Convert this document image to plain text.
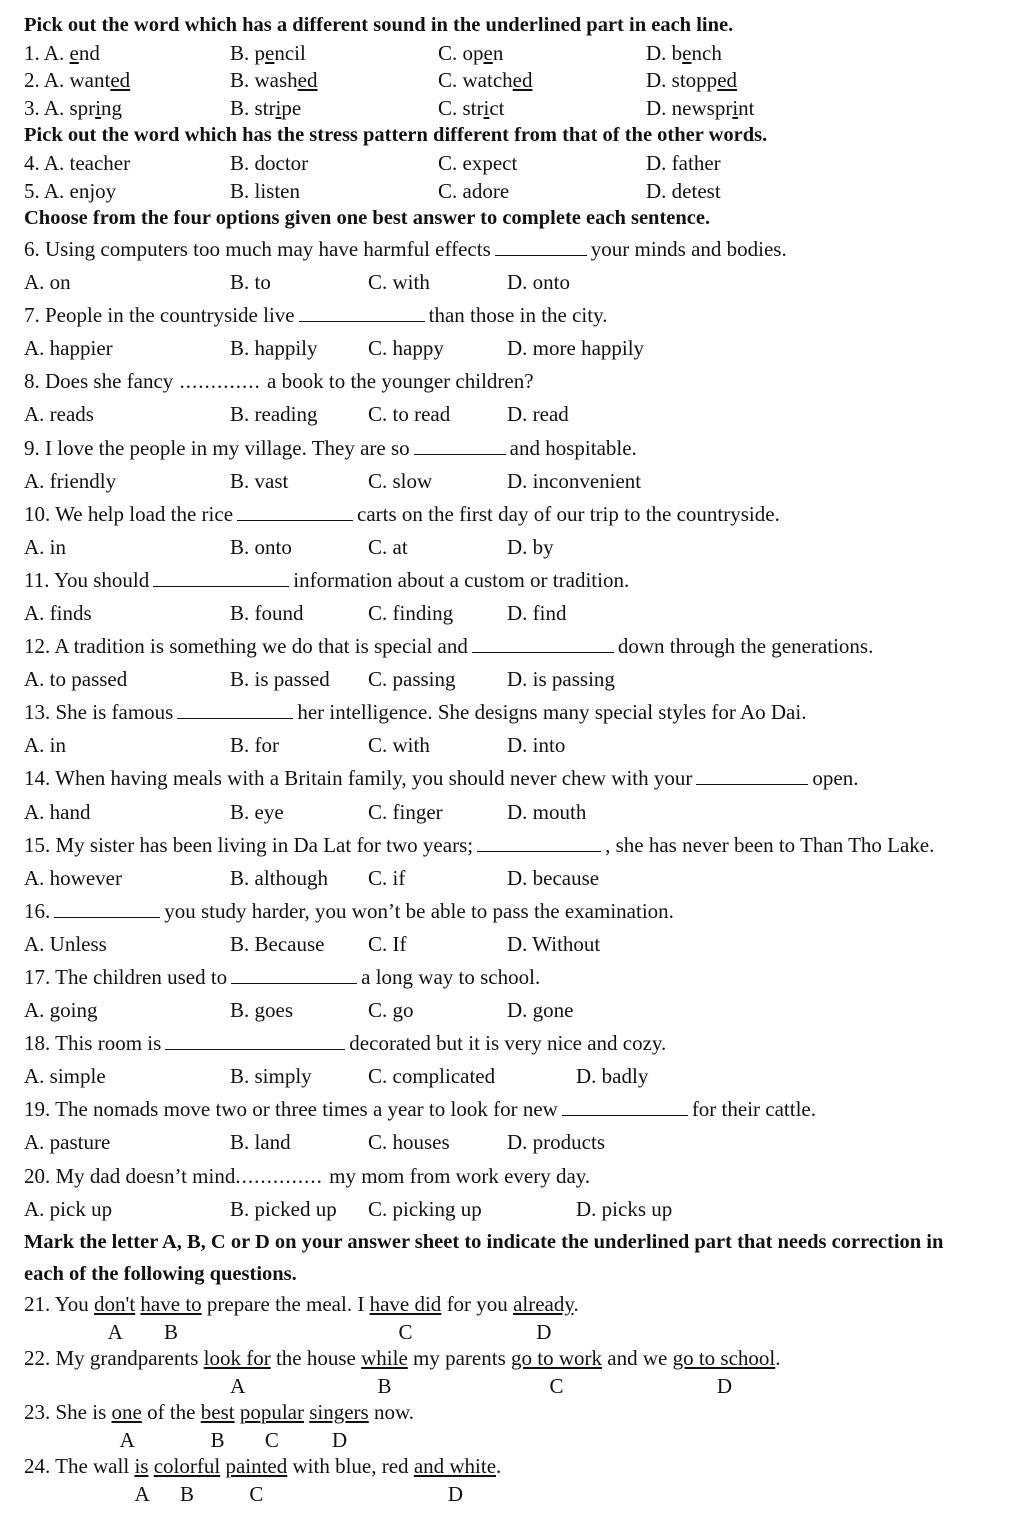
Pick out the word which has a different sound in the underlined part in each line.
1. A. end	B. pencil	C. open	D. bench
2. A. wanted	B. washed	C. watched	D. stopped
3. A. spring	B. stripe	C. strict	D. newsprint
Pick out the word which has the stress pattern different from that of the other words.
4. A. teacher	B. doctor	C. expect	D. father
5. A. enjoy	B. listen	C. adore	D. detest
Choose from the four options given one best answer to complete each sentence.
6. Using computers too much may have harmful effects	your minds and bodies.
A. on	B. to	C. with	D. onto
7. People in the countryside live	than those in the city.
A. happier	B. happily C. happy	D. more happily
8. Does she fancy ............. a book to the younger children?
A. reads	B. reading C. to read	D. read
9. I love the people in my village. They are so	and hospitable.
A. friendly	B. vast	C. slow	D. inconvenient
10. We help load the rice	carts on the first day of our trip to the countryside.
A. in	B. onto	C. at	D. by
11. You should	information about a custom or tradition.
A. finds	B. found	C. finding	D. find
12. A tradition is something we do that is special and	down through the generations.
A. to passed	B. is passed C. passing D. is passing
13. She is famous	her intelligence. She designs many special styles for Ao Dai.
A. in	B. for	C. with	D. into
14. When having meals with a Britain family, you should never chew with your	open.
A. hand	B. eye	C. finger	D. mouth
15. My sister has been living in Da Lat for two years;	, she has never been to Than Tho Lake.
A. however	B. although C. if	D. because
16.	you study harder, you won’t be able to pass the examination.
A. Unless	B. Because C. If	D. Without
17. The children used to	a long way to school.
A. going	B. goes	C. go	D. gone
18. This room is	decorated but it is very nice and cozy.
A. simple	B. simply	C. complicated	D. badly
19. The nomads move two or three times a year to look for new	for their cattle.
A. pasture	B. land	C. houses	D. products
20. My dad doesn’t mind.............. my mom from work every day.
A. pick up	B. picked up C. picking up	D. picks up
Mark the letter A, B, C or D on your answer sheet to indicate the underlined part that needs correction in each of the following questions.
21. You don't have to prepare the meal. I have did for you already.
A B	C	D
22. My grandparents look for the house while my parents go to work and we go to school.
A	B	C	D
23. She is one of the best popular singers now.
A	B C	D
24. The wall is colorful painted with blue, red and white.
A B	C	D
